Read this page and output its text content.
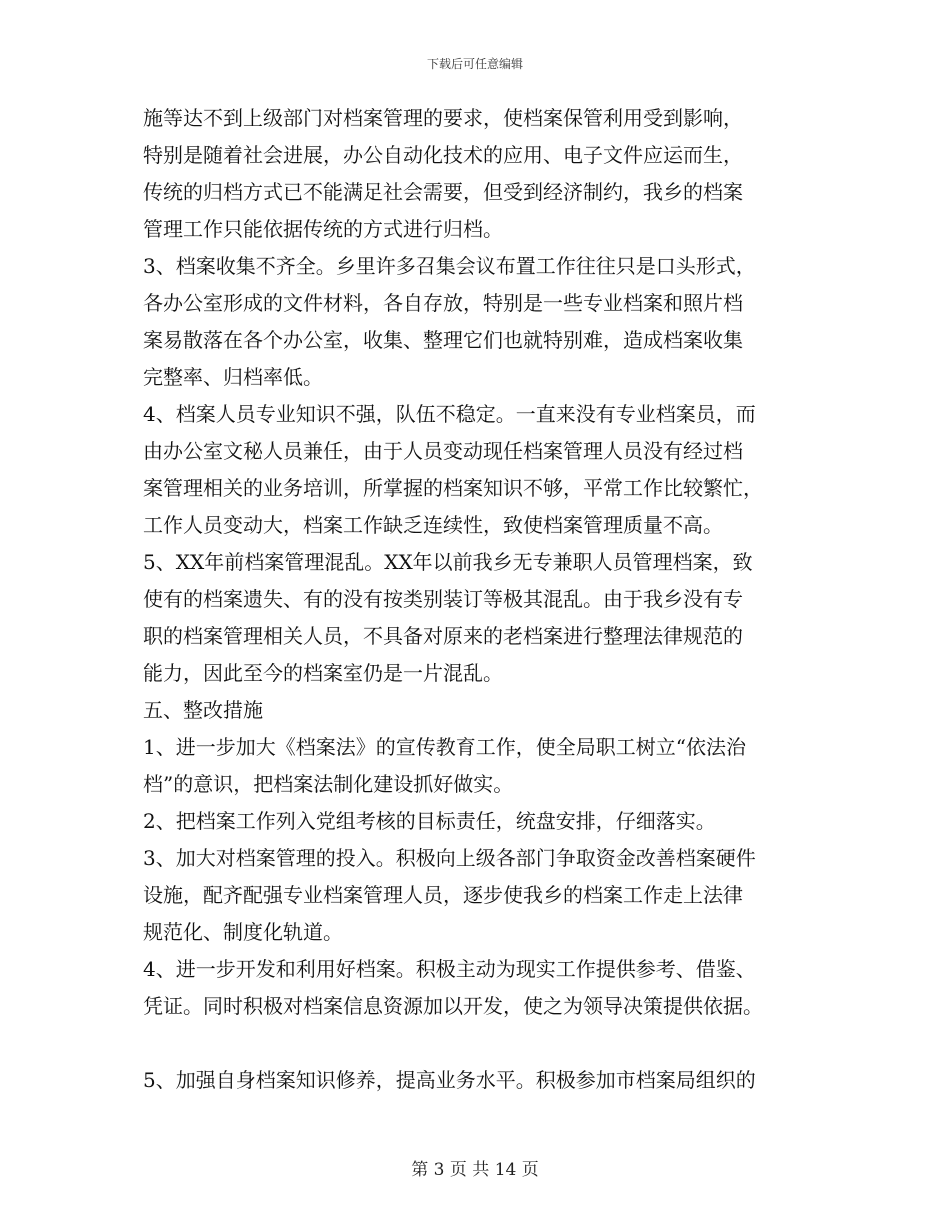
下载后可任意编辑
施等达不到上级部门对档案管理的要求，使档案保管利用受到影响，
特别是随着社会进展，办公自动化技术的应用、电子文件应运而生，
传统的归档方式已不能满足社会需要，但受到经济制约，我乡的档案
管理工作只能依据传统的方式进行归档。
3、档案收集不齐全。乡里许多召集会议布置工作往往只是口头形式，
各办公室形成的文件材料，各自存放，特别是一些专业档案和照片档
案易散落在各个办公室，收集、整理它们也就特别难，造成档案收集
完整率、归档率低。
4、档案人员专业知识不强，队伍不稳定。一直来没有专业档案员，而
由办公室文秘人员兼任，由于人员变动现任档案管理人员没有经过档
案管理相关的业务培训，所掌握的档案知识不够，平常工作比较繁忙，
工作人员变动大，档案工作缺乏连续性，致使档案管理质量不高。
5、XX年前档案管理混乱。XX年以前我乡无专兼职人员管理档案，致
使有的档案遗失、有的没有按类别装订等极其混乱。由于我乡没有专
职的档案管理相关人员，不具备对原来的老档案进行整理法律规范的
能力，因此至今的档案室仍是一片混乱。
五、整改措施
1、进一步加大《档案法》的宣传教育工作，使全局职工树立“依法治
档”的意识，把档案法制化建设抓好做实。
2、把档案工作列入党组考核的目标责任，统盘安排，仔细落实。
3、加大对档案管理的投入。积极向上级各部门争取资金改善档案硬件
设施，配齐配强专业档案管理人员，逐步使我乡的档案工作走上法律
规范化、制度化轨道。
4、进一步开发和利用好档案。积极主动为现实工作提供参考、借鉴、
凭证。同时积极对档案信息资源加以开发，使之为领导决策提供依据。
5、加强自身档案知识修养，提高业务水平。积极参加市档案局组织的
第 3 页 共 14 页
